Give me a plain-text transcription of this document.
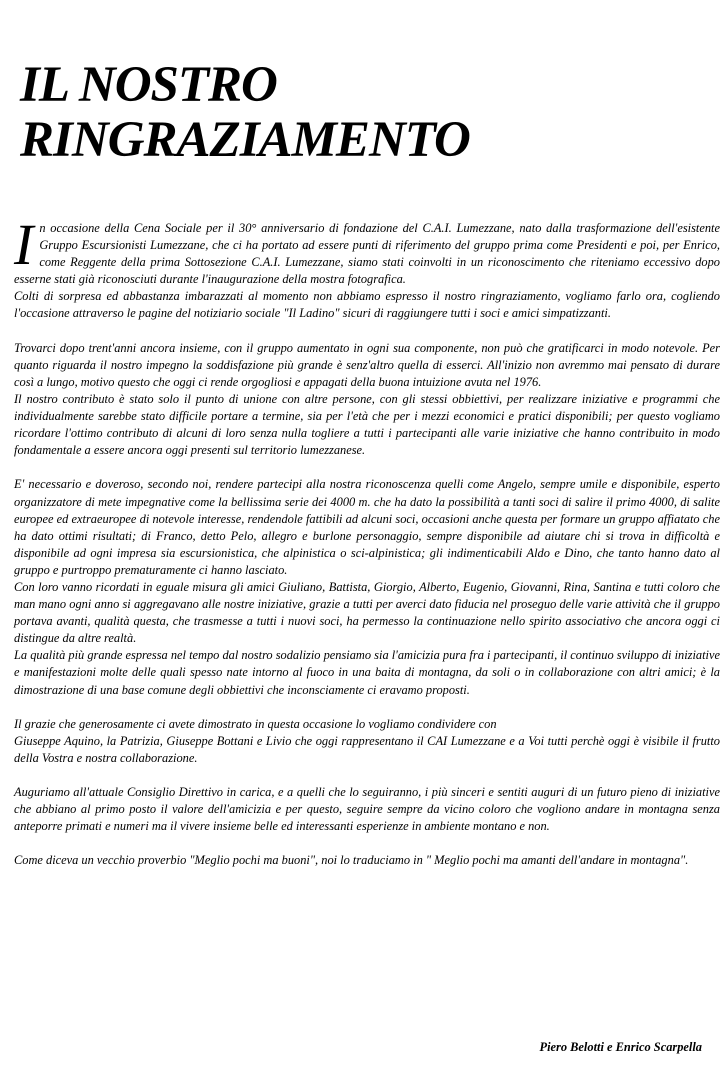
IL NOSTRO
RINGRAZIAMENTO

In occasione della Cena Sociale per il 30° anniversario di fondazione del C.A.I. Lumezzane, nato dalla trasformazione dell'esistente Gruppo Escursionisti Lumezzane, che ci ha portato ad essere punti di riferimento del gruppo prima come Presidenti e poi, per Enrico, come Reggente della prima Sottosezione C.A.I. Lumezzane, siamo stati coinvolti in un riconoscimento che riteniamo eccessivo dopo esserne stati già riconosciuti durante l'inaugurazione della mostra fotografica.

Colti di sorpresa ed abbastanza imbarazzati al momento non abbiamo espresso il nostro ringraziamento, vogliamo farlo ora, cogliendo l'occasione attraverso le pagine del notiziario sociale "Il Ladino" sicuri di raggiungere tutti i soci e amici simpatizzanti.

Trovarci dopo trent'anni ancora insieme, con il gruppo aumentato in ogni sua componente, non può che gratificarci in modo notevole. Per quanto riguarda il nostro impegno la soddisfazione più grande è senz'altro quella di esserci. All'inizio non avremmo mai pensato di durare così a lungo, motivo questo che oggi ci rende orgogliosi e appagati della buona intuizione avuta nel 1976.

Il nostro contributo è stato solo il punto di unione con altre persone, con gli stessi obbiettivi, per realizzare iniziative e programmi che individualmente sarebbe stato difficile portare a termine, sia per l'età che per i mezzi economici e pratici disponibili; per questo vogliamo ricordare l'ottimo contributo di alcuni di loro senza nulla togliere a tutti i partecipanti alle varie iniziative che hanno contribuito in modo fondamentale a essere ancora oggi presenti sul territorio lumezzanese.

E' necessario e doveroso, secondo noi, rendere partecipi alla nostra riconoscenza quelli come Angelo, sempre umile e disponibile, esperto organizzatore di mete impegnative come la bellissima serie dei 4000 m. che ha dato la possibilità a tanti soci di salire il primo 4000, di salite europee ed extraeuropee di notevole interesse, rendendole fattibili ad alcuni soci, occasioni anche questa per formare un gruppo affiatato che ha dato ottimi risultati; di Franco, detto Pelo, allegro e burlone personaggio, sempre disponibile ad aiutare chi si trova in difficoltà e disponibile ad ogni impresa sia escursionistica, che alpinistica o sci-alpinistica; gli indimenticabili Aldo e Dino, che tanto hanno dato al gruppo e purtroppo prematuramente ci hanno lasciato.

Con loro vanno ricordati in eguale misura gli amici Giuliano, Battista, Giorgio, Alberto, Eugenio, Giovanni, Rina, Santina e tutti coloro che man mano ogni anno si aggregavano alle nostre iniziative, grazie a tutti per averci dato fiducia nel proseguo delle varie attività che il gruppo portava avanti, qualità questa, che trasmesse a tutti i nuovi soci, ha permesso la continuazione nello spirito associativo che ancora oggi ci distingue da altre realtà.

La qualità più grande espressa nel tempo dal nostro sodalizio pensiamo sia l'amicizia pura fra i partecipanti, il continuo sviluppo di iniziative e manifestazioni molte delle quali spesso nate intorno al fuoco in una baita di montagna, da soli o in collaborazione con altri amici; è la dimostrazione di una base comune degli obbiettivi che inconsciamente ci eravamo proposti.

Il grazie che generosamente ci avete dimostrato in questa occasione lo vogliamo condividere con

Giuseppe Aquino, la Patrizia, Giuseppe Bottani e Livio che oggi rappresentano il CAI Lumezzane e a Voi tutti perchè oggi è visibile il frutto della Vostra e nostra collaborazione.

Auguriamo all'attuale Consiglio Direttivo in carica, e a quelli che lo seguiranno, i più sinceri e sentiti auguri di un futuro pieno di iniziative che abbiano al primo posto il valore dell'amicizia e per questo, seguire sempre da vicino coloro che vogliono andare in montagna senza anteporre primati e numeri ma il vivere insieme belle ed interessanti esperienze in ambiente montano e non.

Come diceva un vecchio proverbio "Meglio pochi ma buoni", noi lo traduciamo in " Meglio pochi ma amanti dell'andare in montagna".

Piero Belotti e Enrico Scarpella
